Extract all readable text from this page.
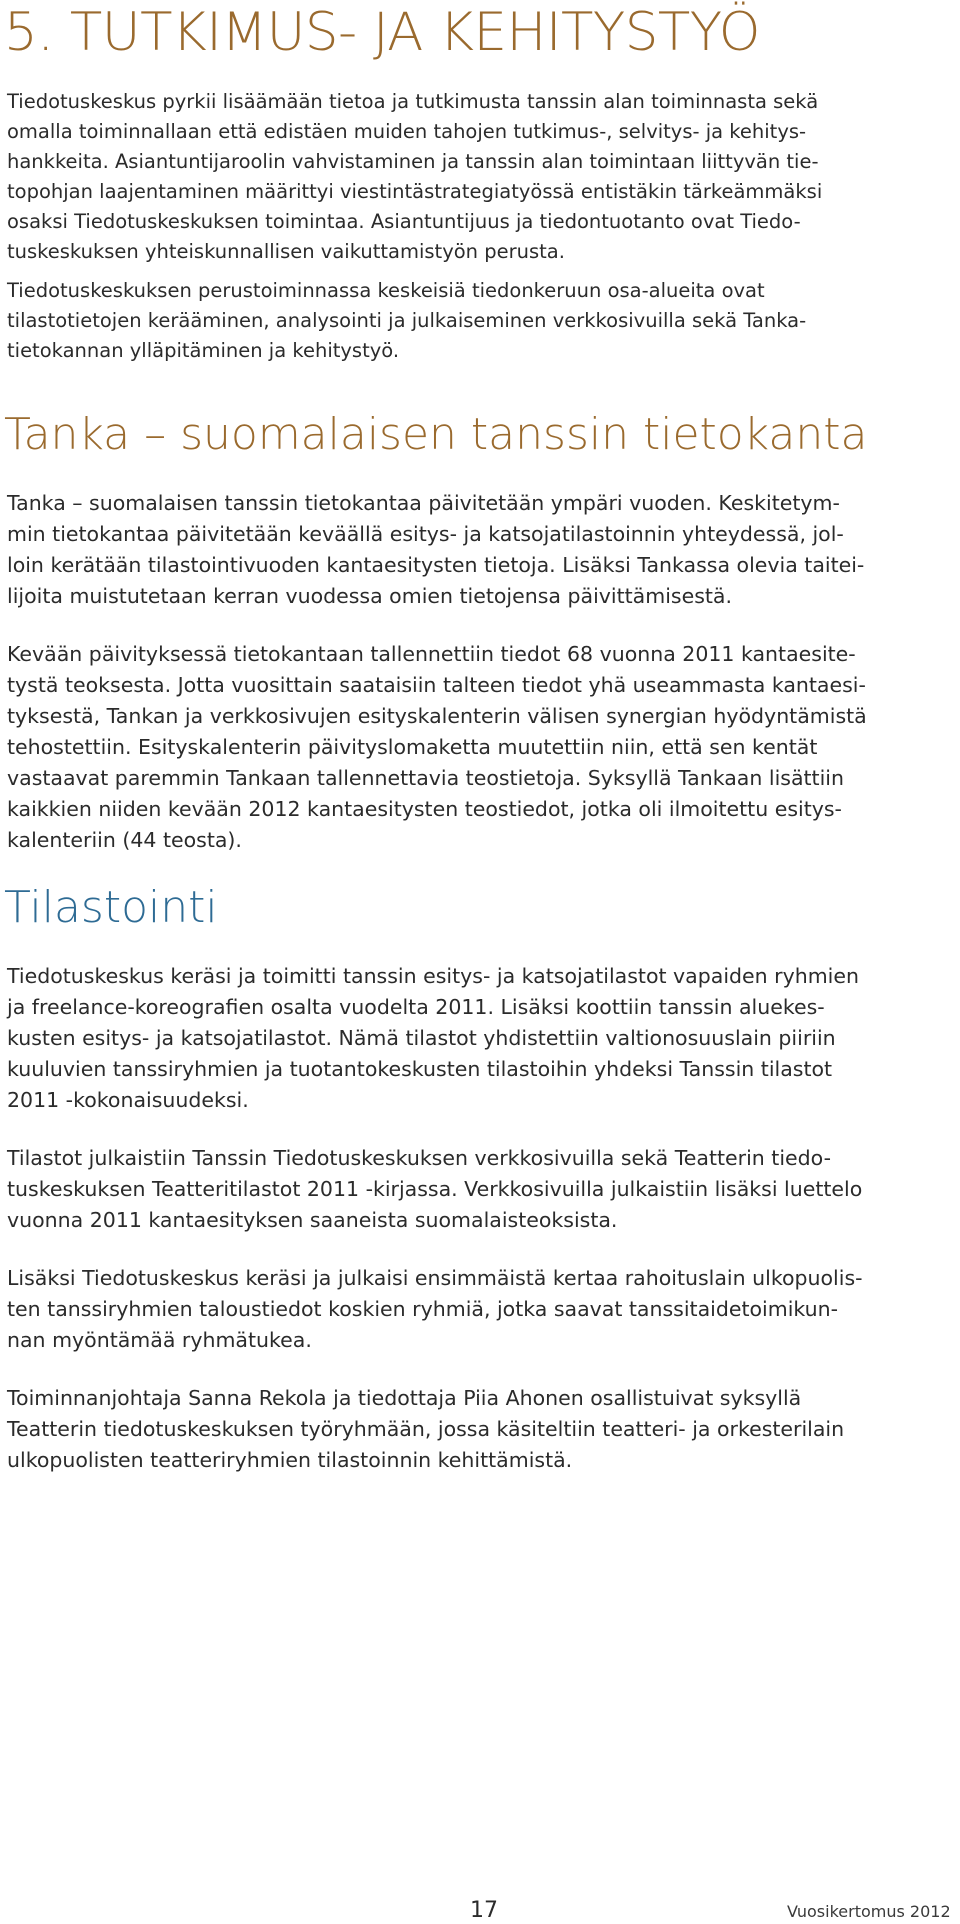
5. TUTKIMUS- JA KEHITYSTYÖ
Tiedotuskeskus pyrkii lisäämään tietoa ja tutkimusta tanssin alan toiminnasta sekä
omalla toiminnallaan että edistäen muiden tahojen tutkimus-, selvitys- ja kehitys-
hankkeita. Asiantuntijaroolin vahvistaminen ja tanssin alan toimintaan liittyvän tie-
topohjan laajentaminen määrittyi viestintästrategiatyössä entistäkin tärkeämmäksi
osaksi Tiedotuskeskuksen toimintaa. Asiantuntijuus ja tiedontuotanto ovat Tiedo-
tuskeskuksen yhteiskunnallisen vaikuttamistyön perusta.
Tiedotuskeskuksen perustoiminnassa keskeisiä tiedonkeruun osa-alueita ovat
tilastotietojen kerääminen, analysointi ja julkaiseminen verkkosivuilla sekä Tanka-
tietokannan ylläpitäminen ja kehitystyö.
Tanka – suomalaisen tanssin tietokanta
Tanka – suomalaisen tanssin tietokantaa päivitetään ympäri vuoden. Keskitetym-
min tietokantaa päivitetään keväällä esitys- ja katsojatilastoinnin yhteydessä, jol-
loin kerätään tilastointivuoden kantaesitysten tietoja. Lisäksi Tankassa olevia taitei-
lijoita muistutetaan kerran vuodessa omien tietojensa päivittämisestä.
Kevään päivityksessä tietokantaan tallennettiin tiedot 68 vuonna 2011 kantaesite-
tystä teoksesta. Jotta vuosittain saataisiin talteen tiedot yhä useammasta kantaesi-
tyksestä, Tankan ja verkkosivujen esityskalenterin välisen synergian hyödyntämistä
tehostettiin. Esityskalenterin päivityslomaketta muutettiin niin, että sen kentät
vastaavat paremmin Tankaan tallennettavia teostietoja. Syksyllä Tankaan lisättiin
kaikkien niiden kevään 2012 kantaesitysten teostiedot, jotka oli ilmoitettu esitys-
kalenteriin (44 teosta).
Tilastointi
Tiedotuskeskus keräsi ja toimitti tanssin esitys- ja katsojatilastot vapaiden ryhmien
ja freelance-koreografien osalta vuodelta 2011. Lisäksi koottiin tanssin aluekes-
kusten esitys- ja katsojatilastot. Nämä tilastot yhdistettiin valtionosuuslain piiriin
kuuluvien tanssiryhmien ja tuotantokeskusten tilastoihin yhdeksi Tanssin tilastot
2011 -kokonaisuudeksi.
Tilastot julkaistiin Tanssin Tiedotuskeskuksen verkkosivuilla sekä Teatterin tiedo-
tuskeskuksen Teatteritilastot 2011 -kirjassa. Verkkosivuilla julkaistiin lisäksi luettelo
vuonna 2011 kantaesityksen saaneista suomalaisteoksista.
Lisäksi Tiedotuskeskus keräsi ja julkaisi ensimmäistä kertaa rahoituslain ulkopuolis-
ten tanssiryhmien taloustiedot koskien ryhmiä, jotka saavat tanssitaidetoimikun-
nan myöntämää ryhmätukea.
Toiminnanjohtaja Sanna Rekola ja tiedottaja Piia Ahonen osallistuivat syksyllä
Teatterin tiedotuskeskuksen työryhmään, jossa käsiteltiin teatteri- ja orkesterilain
ulkopuolisten teatteriryhmien tilastoinnin kehittämistä.
17	Vuosikertomus 2012
